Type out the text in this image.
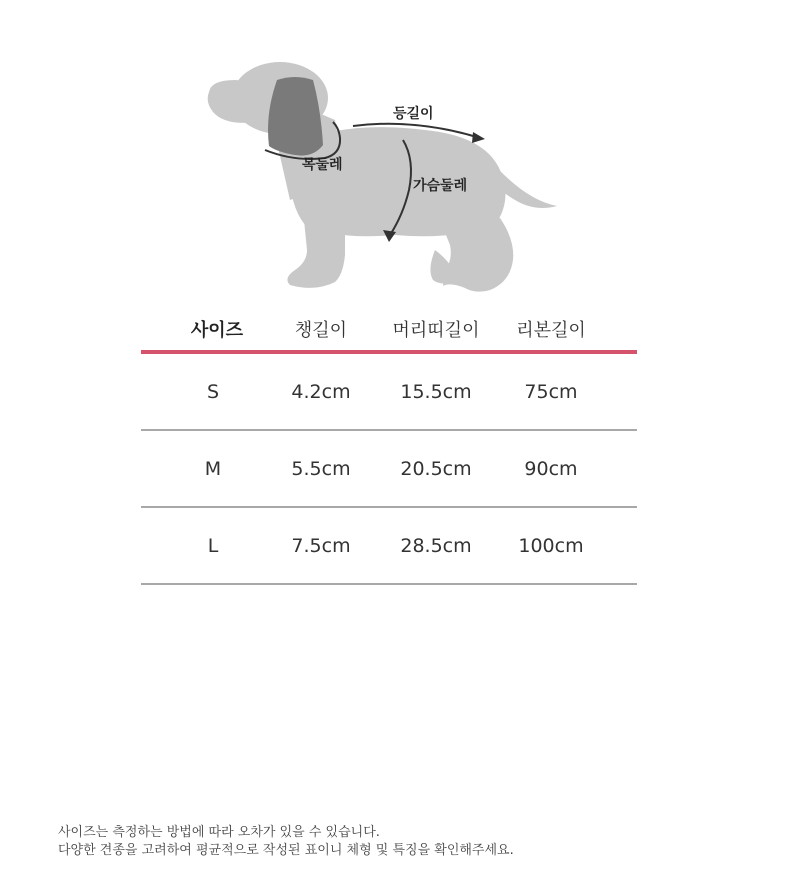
등길이
목둘레
가슴둘레
사이즈	챙길이	머리띠길이	리본길이
S	4.2cm	15.5cm	75cm
M	5.5cm	20.5cm	90cm
L	7.5cm	28.5cm	100cm
사이즈는 측정하는 방법에 따라 오차가 있을 수 있습니다.
다양한 견종을 고려하여 평균적으로 작성된 표이니 체형 및 특징을 확인해주세요.
